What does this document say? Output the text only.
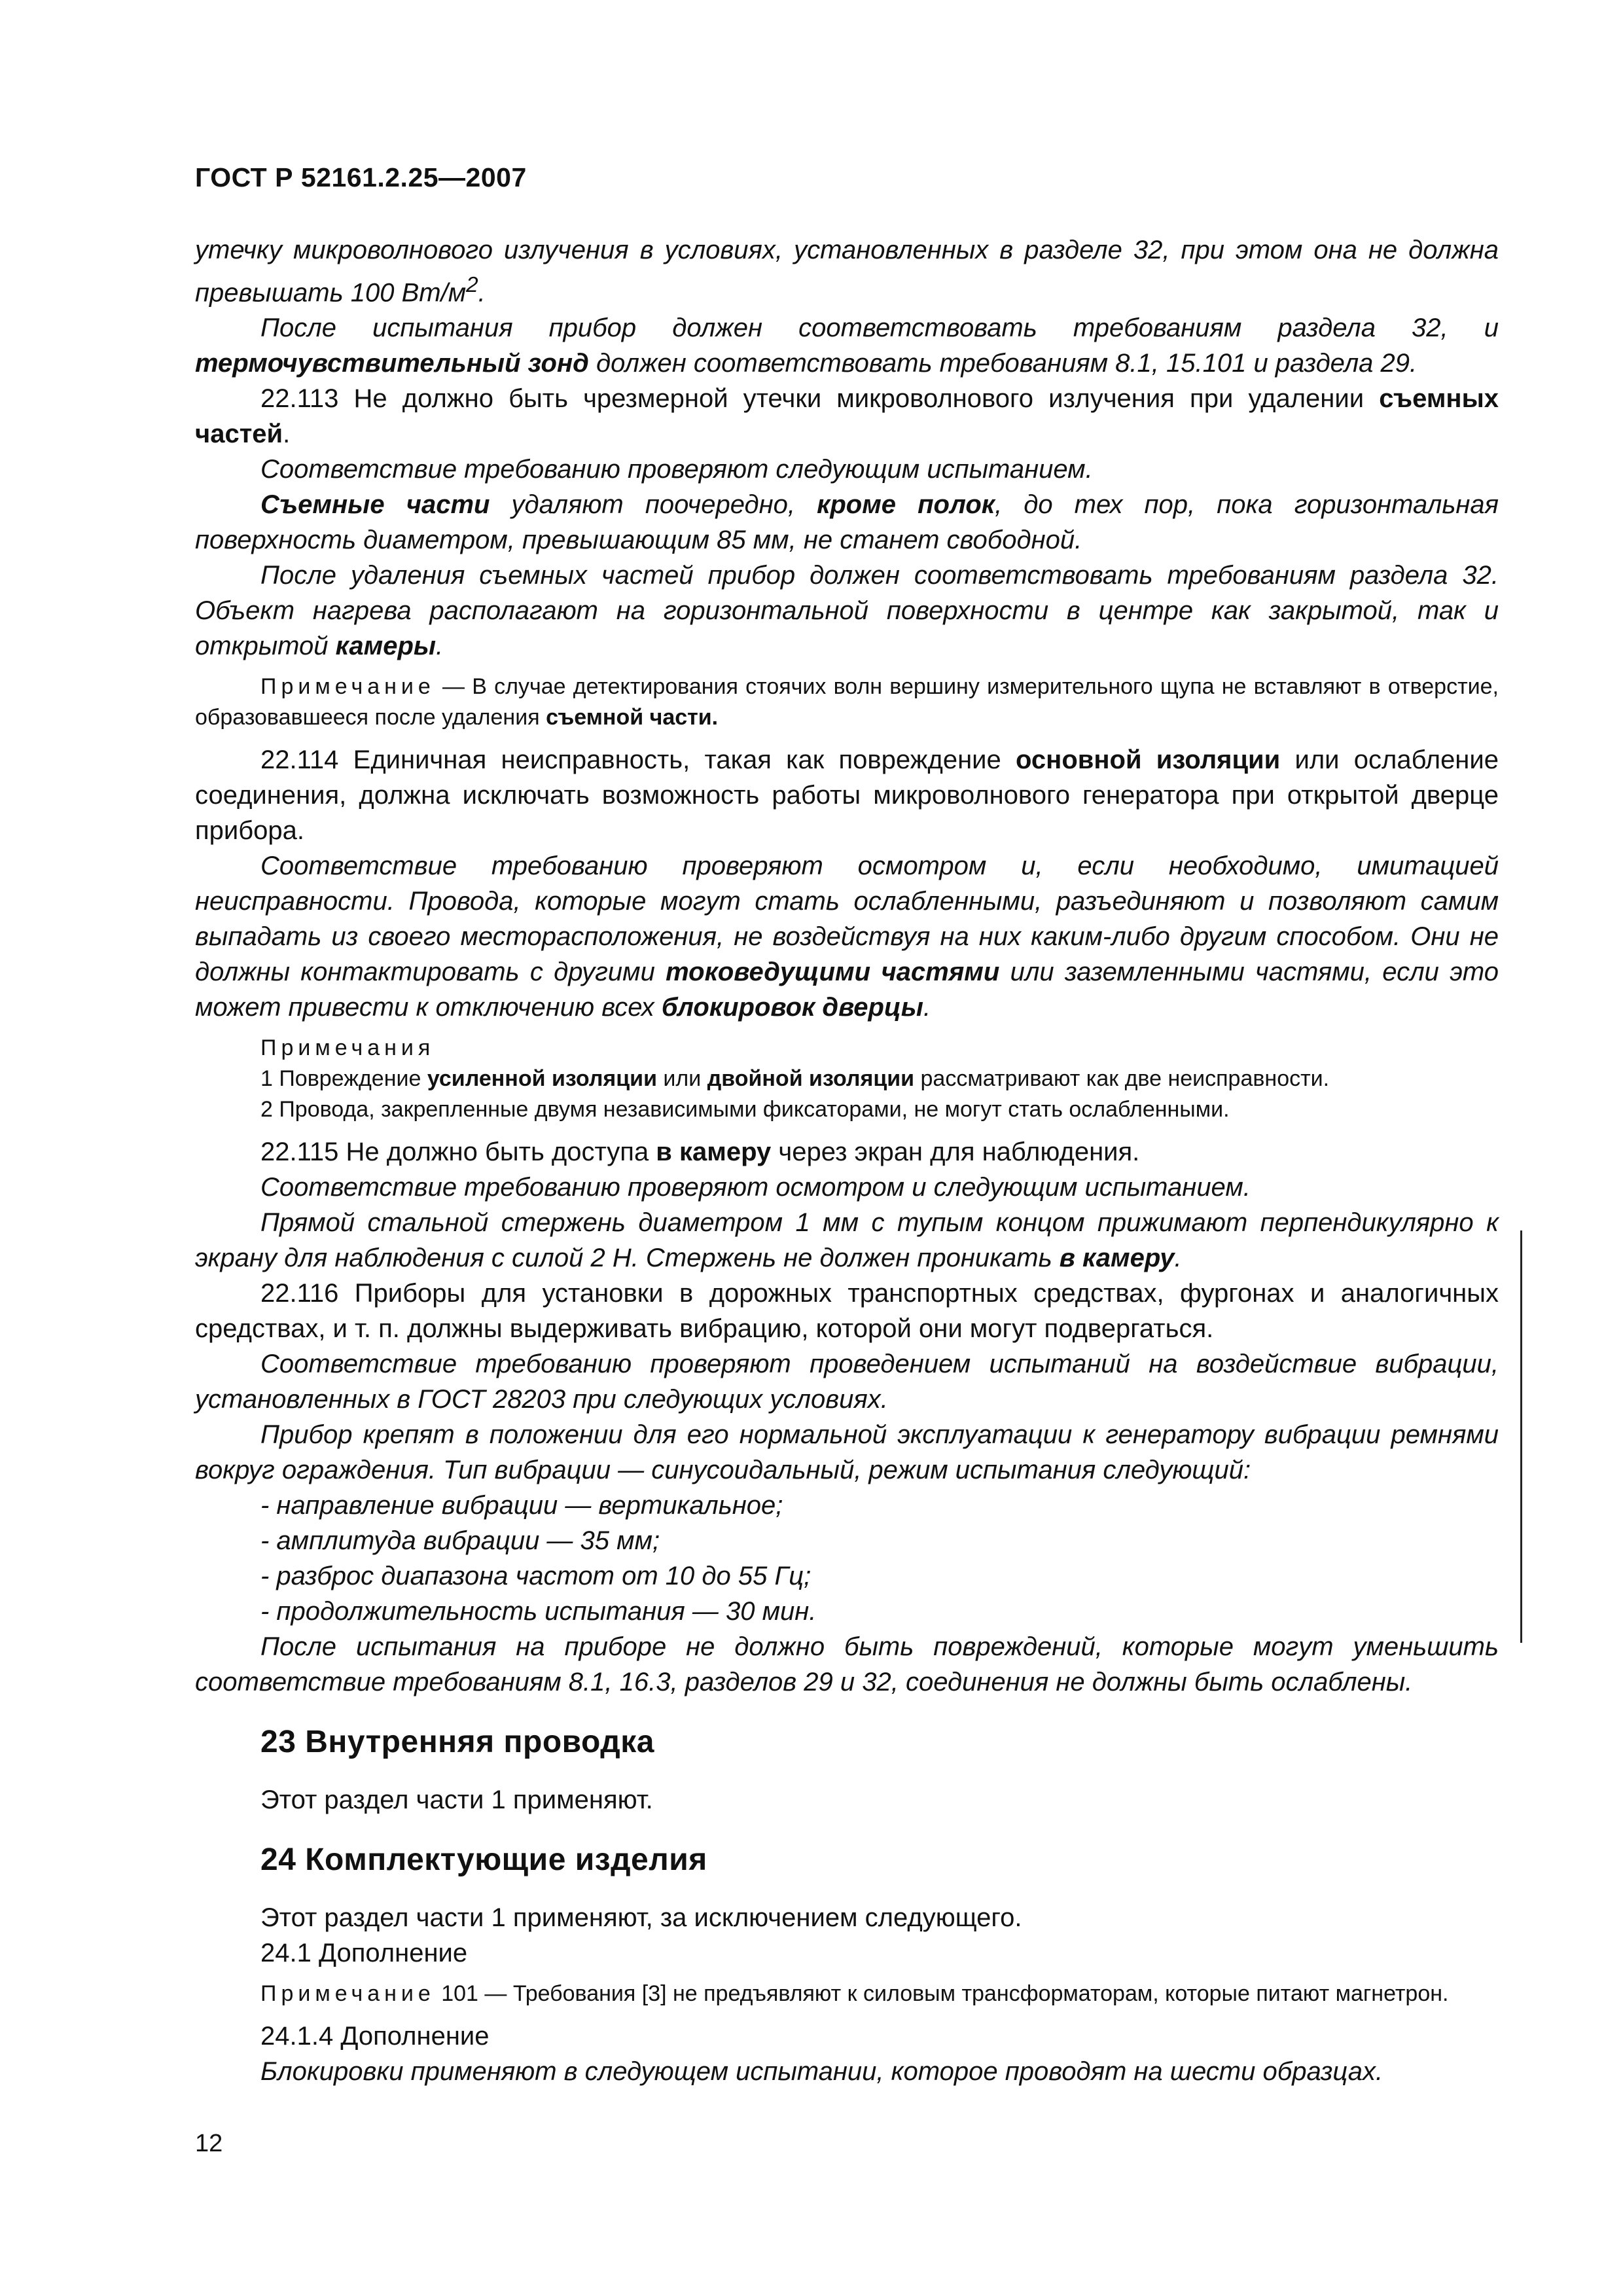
ГОСТ Р 52161.2.25—2007

утечку микроволнового излучения в условиях, установленных в разделе 32, при этом она не должна превышать 100 $Вт/м^2$.

После испытания прибор должен соответствовать требованиям раздела 32, и термочувствительный зонд должен соответствовать требованиям 8.1, 15.101 и раздела 29.

22.113 Не должно быть чрезмерной утечки микроволнового излучения при удалении съемных частей.

Соответствие требованию проверяют следующим испытанием.

Съемные части удаляют поочередно, кроме полок, до тех пор, пока горизонтальная поверхность диаметром, превышающим 85 мм, не станет свободной.

После удаления съемных частей прибор должен соответствовать требованиям раздела 32. Объект нагрева располагают на горизонтальной поверхности в центре как закрытой, так и открытой камеры.

Примечание — В случае детектирования стоячих волн вершину измерительного щупа не вставляют в отверстие, образовавшееся после удаления съемной части.

22.114 Единичная неисправность, такая как повреждение основной изоляции или ослабление соединения, должна исключать возможность работы микроволнового генератора при открытой дверце прибора.

Соответствие требованию проверяют осмотром и, если необходимо, имитацией неисправности. Провода, которые могут стать ослабленными, разъединяют и позволяют самим выпадать из своего месторасположения, не воздействуя на них каким-либо другим способом. Они не должны контактировать с другими токоведущими частями или заземленными частями, если это может привести к отключению всех блокировок дверцы.

Примечания

1 Повреждение усиленной изоляции или двойной изоляции рассматривают как две неисправности.

2 Провода, закрепленные двумя независимыми фиксаторами, не могут стать ослабленными.

22.115 Не должно быть доступа в камеру через экран для наблюдения.

Соответствие требованию проверяют осмотром и следующим испытанием.

Прямой стальной стержень диаметром 1 мм с тупым концом прижимают перпендикулярно к экрану для наблюдения с силой 2 Н. Стержень не должен проникать в камеру.

22.116 Приборы для установки в дорожных транспортных средствах, фургонах и аналогичных средствах, и т. п. должны выдерживать вибрацию, которой они могут подвергаться.

Соответствие требованию проверяют проведением испытаний на воздействие вибрации, установленных в ГОСТ 28203 при следующих условиях.

Прибор крепят в положении для его нормальной эксплуатации к генератору вибрации ремнями вокруг ограждения. Тип вибрации — синусоидальный, режим испытания следующий:

- направление вибрации — вертикальное;

- амплитуда вибрации — 35 мм;

- разброс диапазона частот от 10 до 55 Гц;

- продолжительность испытания — 30 мин.

После испытания на приборе не должно быть повреждений, которые могут уменьшить соответствие требованиям 8.1, 16.3, разделов 29 и 32, соединения не должны быть ослаблены.

23 Внутренняя проводка

Этот раздел части 1 применяют.

24 Комплектующие изделия

Этот раздел части 1 применяют, за исключением следующего.

24.1 Дополнение

Примечание 101 — Требования [3] не предъявляют к силовым трансформаторам, которые питают магнетрон.

24.1.4 Дополнение

Блокировки применяют в следующем испытании, которое проводят на шести образцах.

12
